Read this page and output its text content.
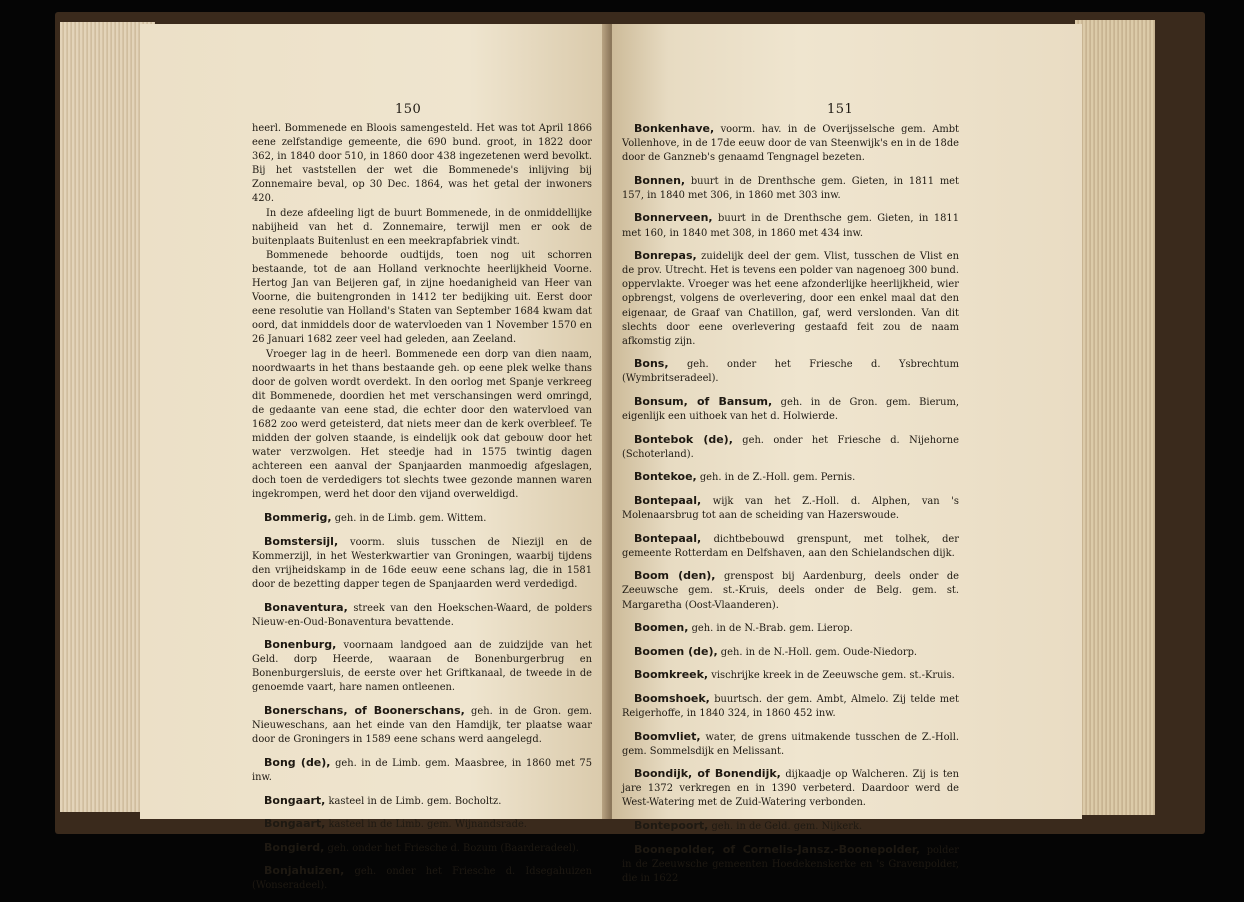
150

heerl. Bommenede en Bloois samengesteld. Het was tot April 1866 eene zelfstandige gemeente, die 690 bund. groot, in 1822 door 362, in 1840 door 510, in 1860 door 438 ingezetenen werd bevolkt. Bij het vaststellen der wet die Bommenede's inlijving bij Zonnemaire beval, op 30 Dec. 1864, was het getal der inwoners 420.

In deze afdeeling ligt de buurt Bommenede, in de onmiddellijke nabijheid van het d. Zonnemaire, terwijl men er ook de buitenplaats Buitenlust en een meekrapfabriek vindt.

Bommenede behoorde oudtijds, toen nog uit schorren bestaande, tot de aan Holland verknochte heerlijkheid Voorne. Hertog Jan van Beijeren gaf, in zijne hoedanigheid van Heer van Voorne, die buitengronden in 1412 ter bedijking uit. Eerst door eene resolutie van Holland's Staten van September 1684 kwam dat oord, dat inmiddels door de watervloeden van 1 November 1570 en 26 Januari 1682 zeer veel had geleden, aan Zeeland.

Vroeger lag in de heerl. Bommenede een dorp van dien naam, noordwaarts in het thans bestaande geh. op eene plek welke thans door de golven wordt overdekt. In den oorlog met Spanje verkreeg dit Bommenede, doordien het met verschansingen werd omringd, de gedaante van eene stad, die echter door den watervloed van 1682 zoo werd geteisterd, dat niets meer dan de kerk overbleef. Te midden der golven staande, is eindelijk ook dat gebouw door het water verzwolgen. Het steedje had in 1575 twintig dagen achtereen een aanval der Spanjaarden manmoedig afgeslagen, doch toen de verdedigers tot slechts twee gezonde mannen waren ingekrompen, werd het door den vijand overweldigd.

Bommerig, geh. in de Limb. gem. Wittem.

Bomstersijl, voorm. sluis tusschen de Niezijl en de Kommerzijl, in het Westerkwartier van Groningen, waarbij tijdens den vrijheidskamp in de 16de eeuw eene schans lag, die in 1581 door de bezetting dapper tegen de Spanjaarden werd verdedigd.

Bonaventura, streek van den Hoekschen-Waard, de polders Nieuw-en-Oud-Bonaventura bevattende.

Bonenburg, voornaam landgoed aan de zuidzijde van het Geld. dorp Heerde, waaraan de Bonenburgerbrug en Bonenburgersluis, de eerste over het Griftkanaal, de tweede in de genoemde vaart, hare namen ontleenen.

Bonerschans, of Boonerschans, geh. in de Gron. gem. Nieuweschans, aan het einde van den Hamdijk, ter plaatse waar door de Groningers in 1589 eene schans werd aangelegd.

Bong (de), geh. in de Limb. gem. Maasbree, in 1860 met 75 inw.

Bongaart, kasteel in de Limb. gem. Bocholtz.

Bongaart, kasteel in de Limb. gem. Wijnandsrade.

Bongierd, geh. onder het Friesche d. Bozum (Baarderadeel).

Bonjahuizen, geh. onder het Friesche d. Idsegahuizen (Wonseradeel).

151

Bonkenhave, voorm. hav. in de Overijsselsche gem. Ambt Vollenhove, in de 17de eeuw door de van Steenwijk's en in de 18de door de Ganzneb's genaamd Tengnagel bezeten.

Bonnen, buurt in de Drenthsche gem. Gieten, in 1811 met 157, in 1840 met 306, in 1860 met 303 inw.

Bonnerveen, buurt in de Drenthsche gem. Gieten, in 1811 met 160, in 1840 met 308, in 1860 met 434 inw.

Bonrepas, zuidelijk deel der gem. Vlist, tusschen de Vlist en de prov. Utrecht. Het is tevens een polder van nagenoeg 300 bund. oppervlakte. Vroeger was het eene afzonderlijke heerlijkheid, wier opbrengst, volgens de overlevering, door een enkel maal dat den eigenaar, de Graaf van Chatillon, gaf, werd verslonden. Van dit slechts door eene overlevering gestaafd feit zou de naam afkomstig zijn.

Bons, geh. onder het Friesche d. Ysbrechtum (Wymbritseradeel).

Bonsum, of Bansum, geh. in de Gron. gem. Bierum, eigenlijk een uithoek van het d. Holwierde.

Bontebok (de), geh. onder het Friesche d. Nijehorne (Schoterland).

Bontekoe, geh. in de Z.-Holl. gem. Pernis.

Bontepaal, wijk van het Z.-Holl. d. Alphen, van 's Molenaarsbrug tot aan de scheiding van Hazerswoude.

Bontepaal, dichtbebouwd grenspunt, met tolhek, der gemeente Rotterdam en Delfshaven, aan den Schielandschen dijk.

Boom (den), grenspost bij Aardenburg, deels onder de Zeeuwsche gem. st.-Kruis, deels onder de Belg. gem. st. Margaretha (Oost-Vlaanderen).

Boomen, geh. in de N.-Brab. gem. Lierop.

Boomen (de), geh. in de N.-Holl. gem. Oude-Niedorp.

Boomkreek, vischrijke kreek in de Zeeuwsche gem. st.-Kruis.

Boomshoek, buurtsch. der gem. Ambt, Almelo. Zij telde met Reigerhoffe, in 1840 324, in 1860 452 inw.

Boomvliet, water, de grens uitmakende tusschen de Z.-Holl. gem. Sommelsdijk en Melissant.

Boondijk, of Bonendijk, dijkaadje op Walcheren. Zij is ten jare 1372 verkregen en in 1390 verbeterd. Daardoor werd de West-Watering met de Zuid-Watering verbonden.

Bontepoort, geh. in de Geld. gem. Nijkerk.

Boonepolder, of Cornelis-Jansz.-Boonepolder, polder in de Zeeuwsche gemeenten Hoedekenskerke en 's Gravenpolder, die in 1622
